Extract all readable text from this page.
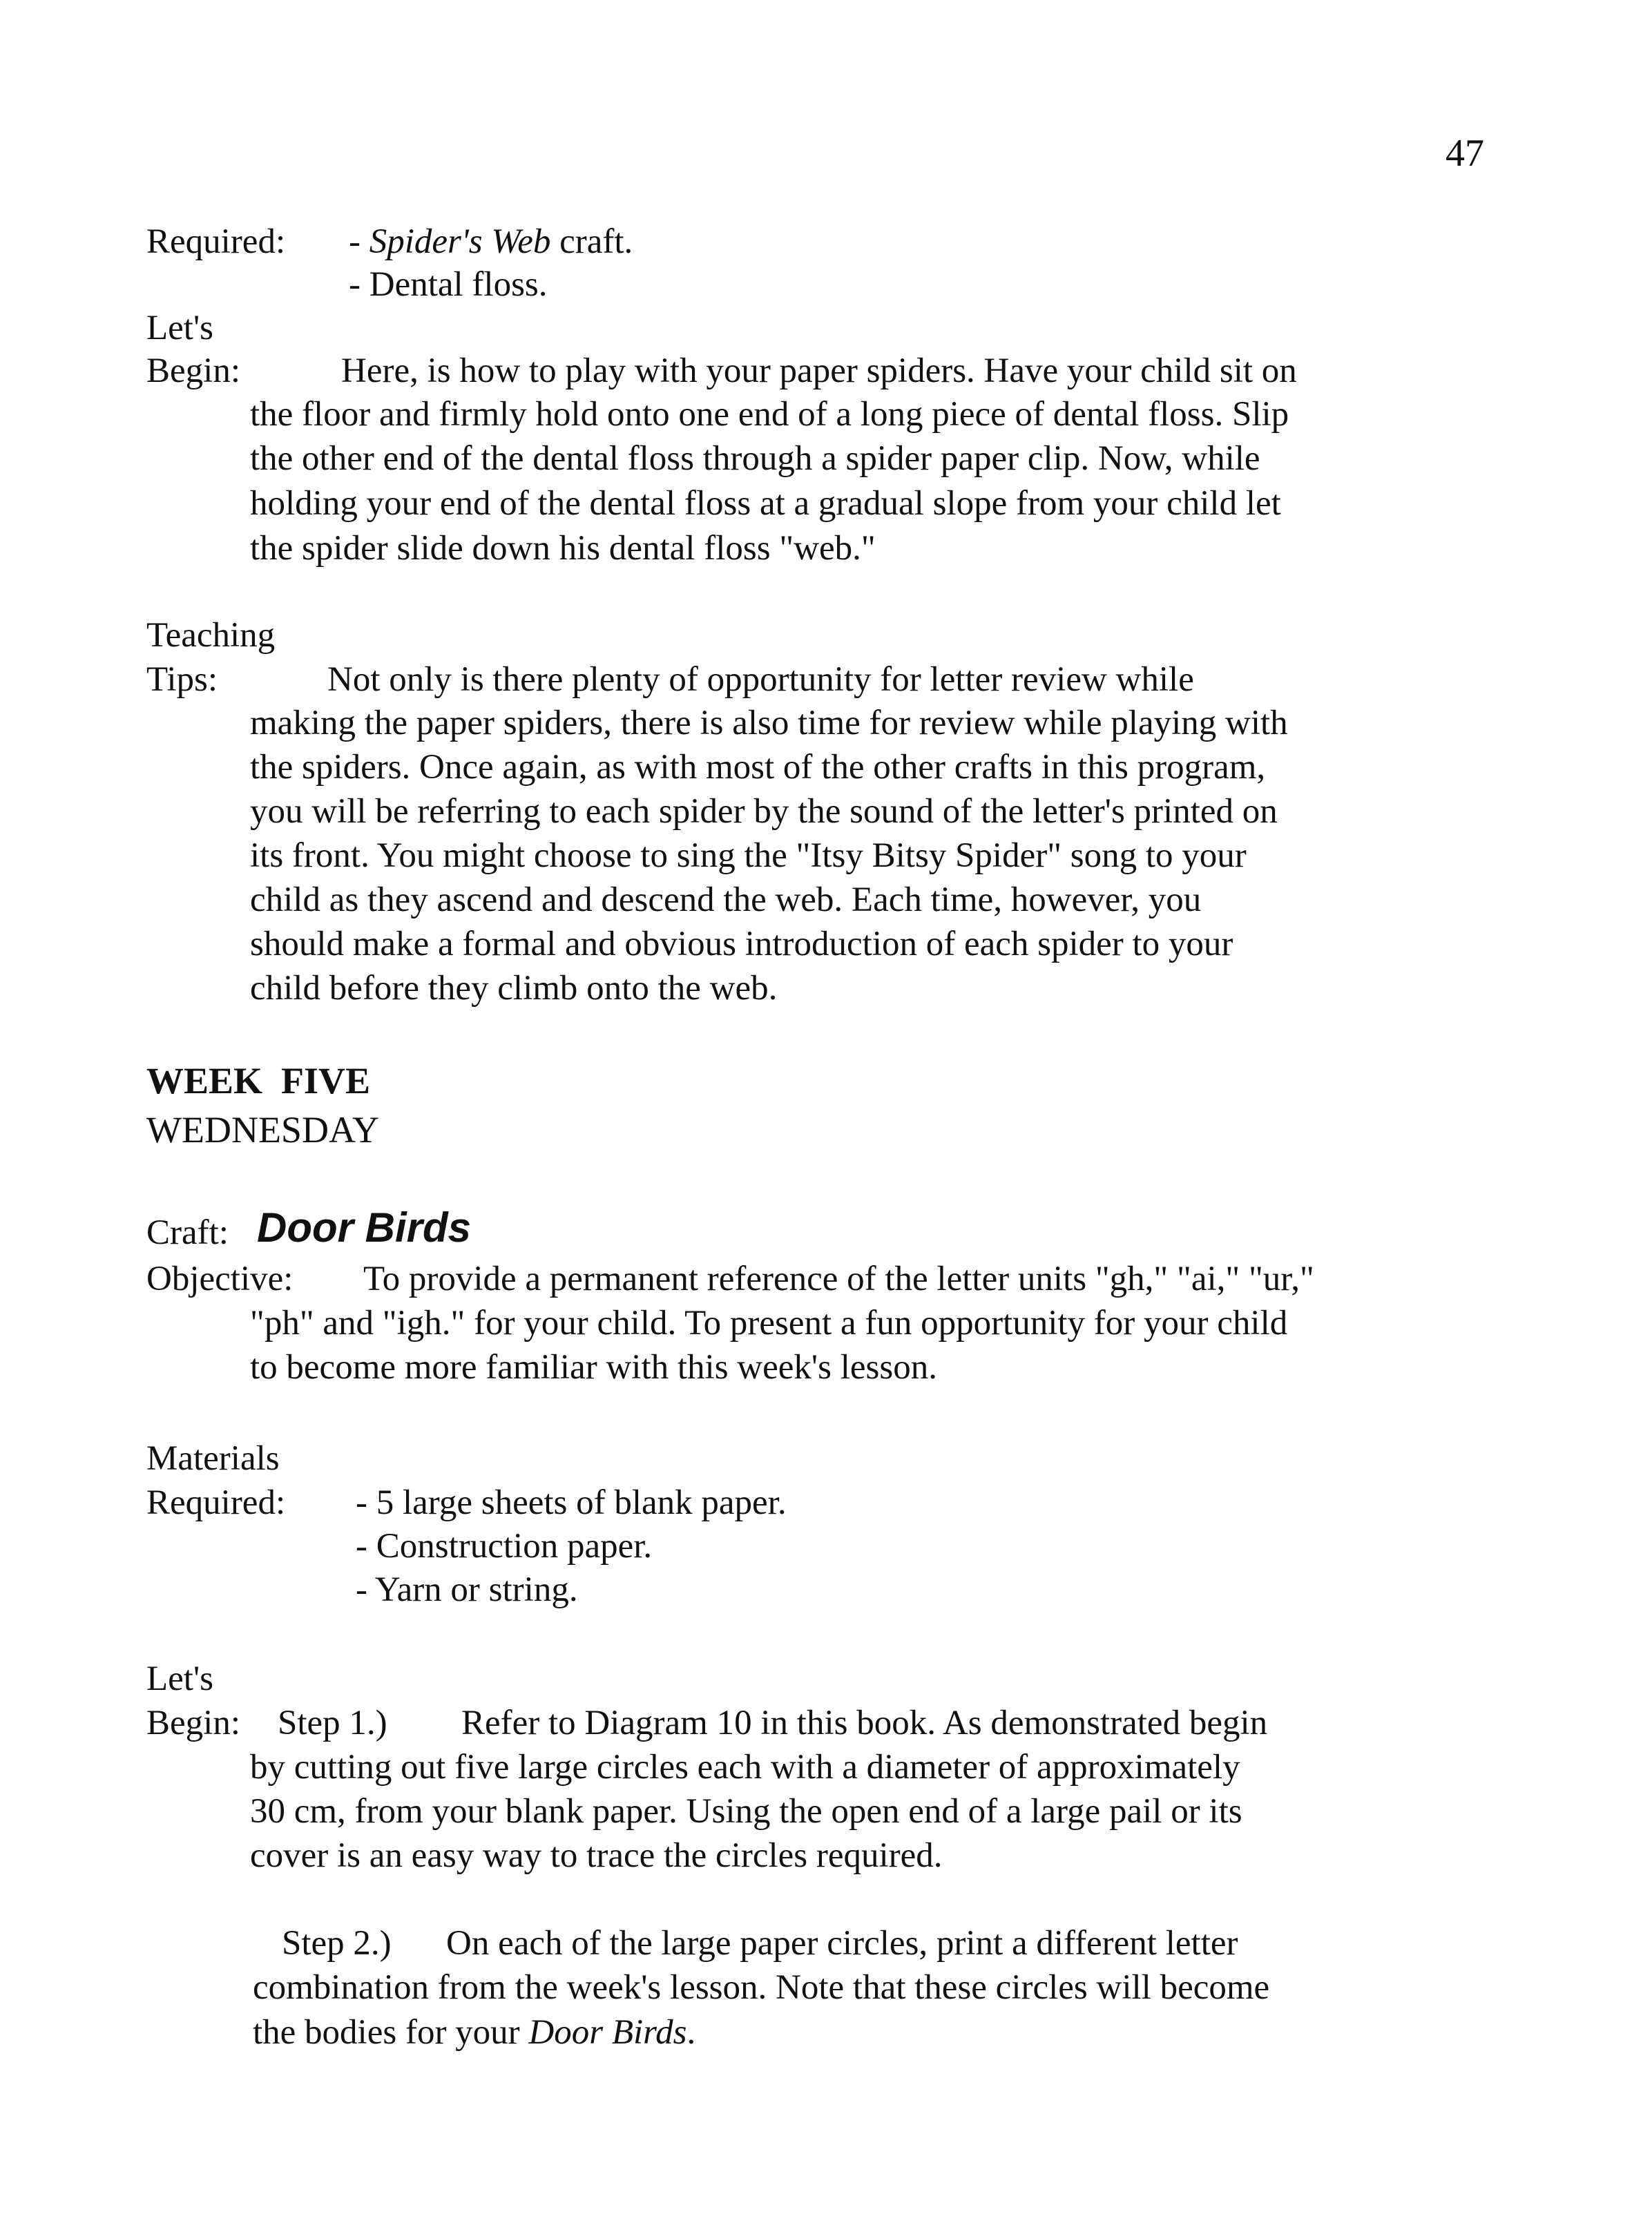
47
Required: - Spider's Web craft.
- Dental floss.
Let's
Begin:	Here, is how to play with your paper spiders. Have your child sit on
the floor and firmly hold onto one end of a long piece of dental floss. Slip
the other end of the dental floss through a spider paper clip. Now, while
holding your end of the dental floss at a gradual slope from your child let
the spider slide down his dental floss "web."
Teaching
Tips:	Not only is there plenty of opportunity for letter review while
making the paper spiders, there is also time for review while playing with
the spiders. Once again, as with most of the other crafts in this program,
you will be referring to each spider by the sound of the letter's printed on
its front. You might choose to sing the "Itsy Bitsy Spider" song to your
child as they ascend and descend the web. Each time, however, you
should make a formal and obvious introduction of each spider to your
child before they climb onto the web.
WEEK  FIVE
WEDNESDAY
Craft: Door Birds
Objective: To provide a permanent reference of the letter units "gh," "ai," "ur,"
"ph" and "igh." for your child. To present a fun opportunity for your child
to become more familiar with this week's lesson.
Materials
Required: - 5 large sheets of blank paper.
- Construction paper.
- Yarn or string.
Let's
Begin: Step 1.) Refer to Diagram 10 in this book. As demonstrated begin
by cutting out five large circles each with a diameter of approximately
30 cm, from your blank paper. Using the open end of a large pail or its
cover is an easy way to trace the circles required.
Step 2.) On each of the large paper circles, print a different letter
combination from the week's lesson. Note that these circles will become
the bodies for your Door Birds.
